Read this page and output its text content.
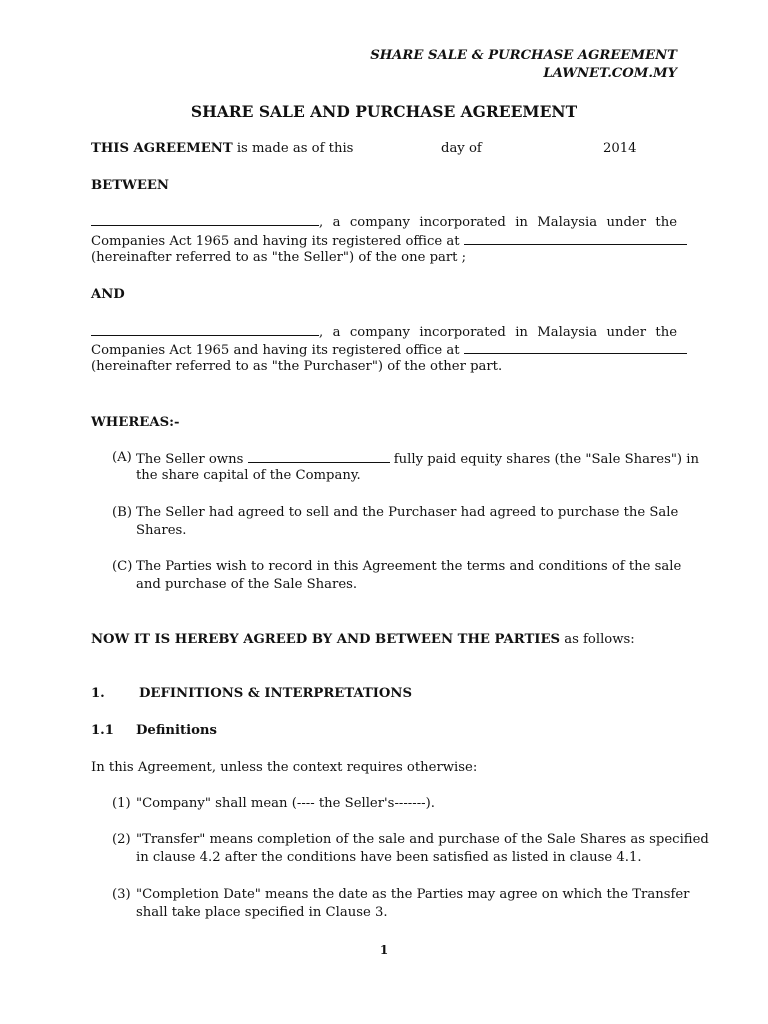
SHARE SALE & PURCHASE AGREEMENT
LAWNET.COM.MY
SHARE SALE AND PURCHASE AGREEMENT
THIS AGREEMENT is made as of this	day of	2014
BETWEEN
, a company incorporated in Malaysia under the
Companies Act 1965 and having its registered office at
(hereinafter referred to as "the Seller") of the one part ;
AND
, a company incorporated in Malaysia under the
Companies Act 1965 and having its registered office at
(hereinafter referred to as "the Purchaser") of the other part.
WHEREAS:-
(A) The Seller owns	fully paid equity shares (the "Sale Shares") in
the share capital of the Company.
(B) The Seller had agreed to sell and the Purchaser had agreed to purchase the Sale
Shares.
(C) The Parties wish to record in this Agreement the terms and conditions of the sale
and purchase of the Sale Shares.
NOW IT IS HEREBY AGREED BY AND BETWEEN THE PARTIES as follows:
1.	DEFINITIONS & INTERPRETATIONS
1.1 Definitions
In this Agreement, unless the context requires otherwise:
(1) "Company" shall mean (---- the Seller's-------).
(2) "Transfer" means completion of the sale and purchase of the Sale Shares as specified
in clause 4.2 after the conditions have been satisfied as listed in clause 4.1.
(3) "Completion Date" means the date as the Parties may agree on which the Transfer
shall take place specified in Clause 3.
1
